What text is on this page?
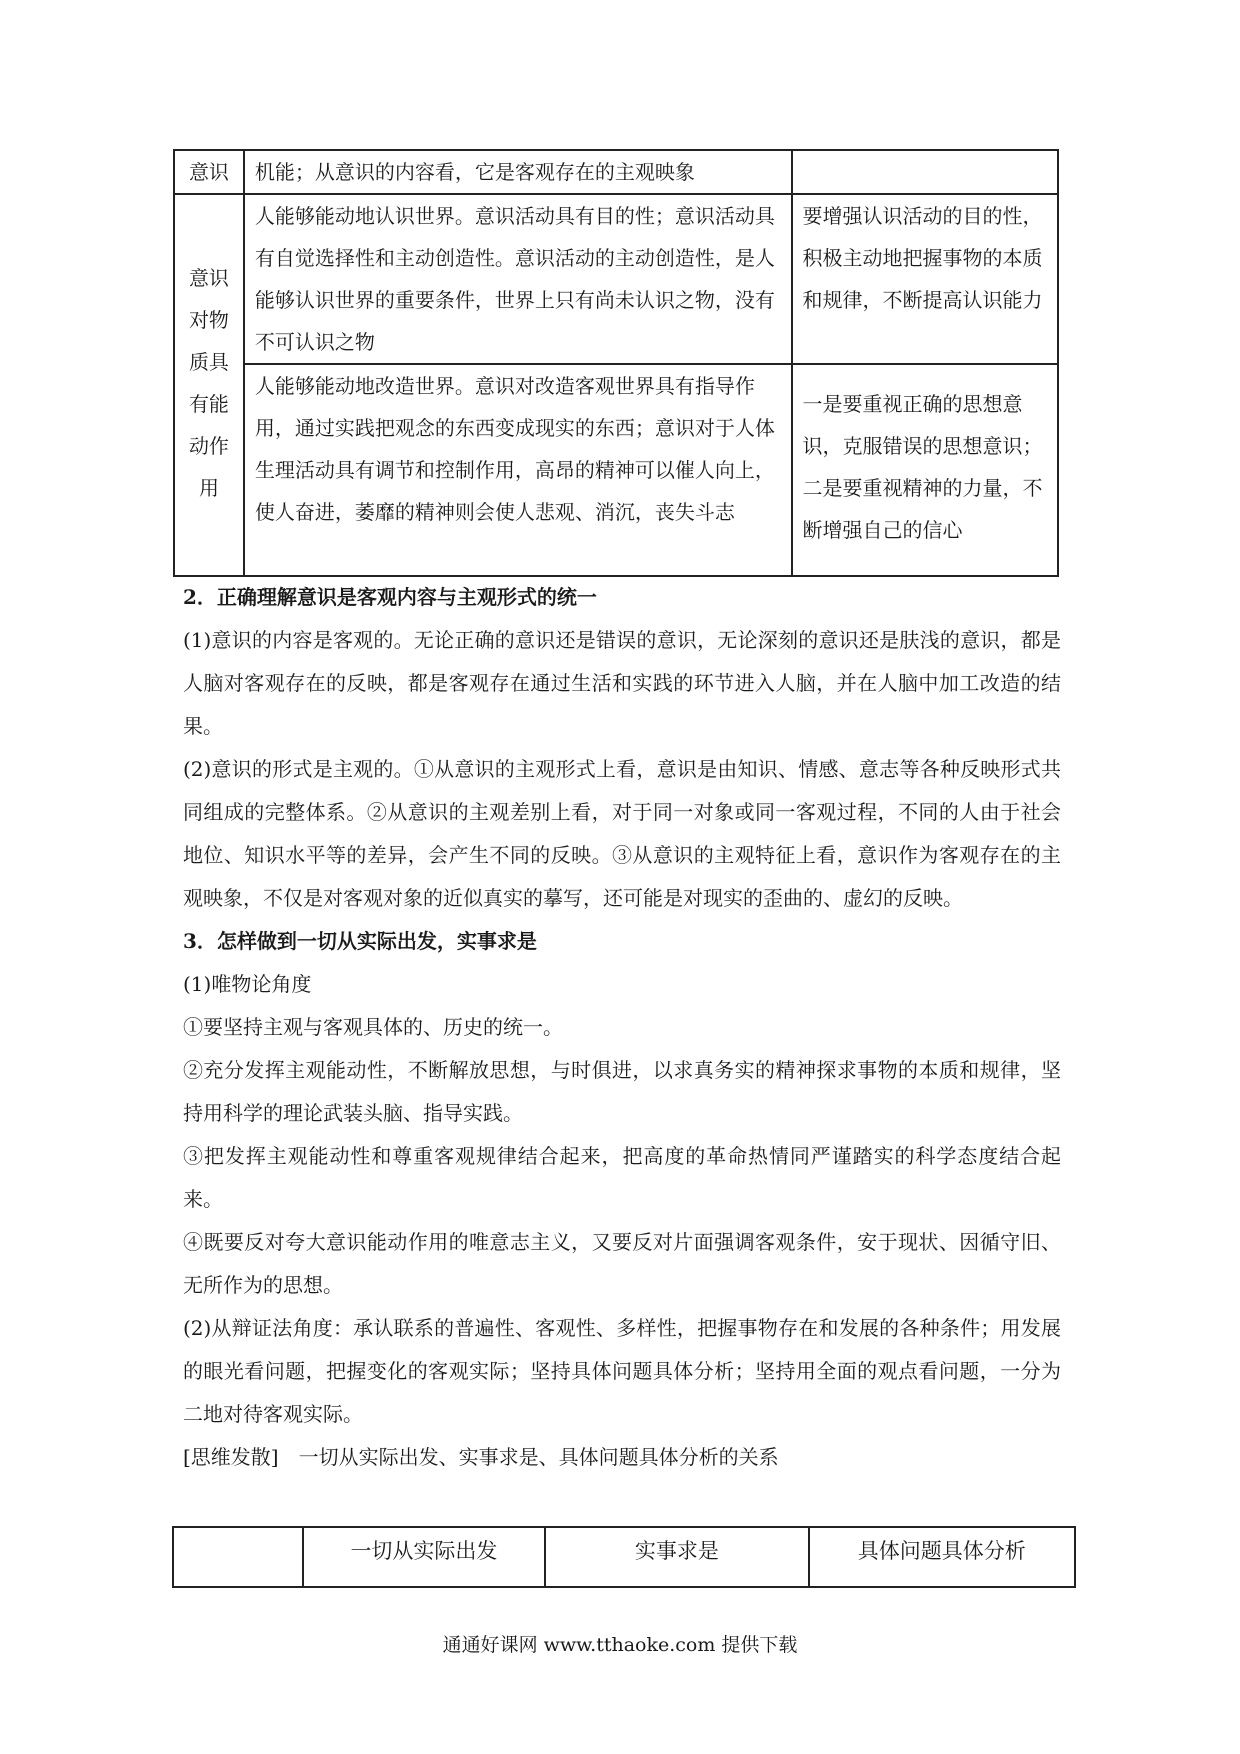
意识	机能；从意识的内容看，它是客观存在的主观映象	
意识对物质具有能动作用	人能够能动地认识世界。意识活动具有目的性；意识活动具有自觉选择性和主动创造性。意识活动的主动创造性，是人能够认识世界的重要条件，世界上只有尚未认识之物，没有不可认识之物	要增强认识活动的目的性，积极主动地把握事物的本质和规律，不断提高认识能力
	人能够能动地改造世界。意识对改造客观世界具有指导作用，通过实践把观念的东西变成现实的东西；意识对于人体生理活动具有调节和控制作用，高昂的精神可以催人向上，使人奋进，萎靡的精神则会使人悲观、消沉，丧失斗志	一是要重视正确的思想意识，克服错误的思想意识；二是要重视精神的力量，不断增强自己的信心

2．正确理解意识是客观内容与主观形式的统一

(1)意识的内容是客观的。无论正确的意识还是错误的意识，无论深刻的意识还是肤浅的意识，都是人脑对客观存在的反映，都是客观存在通过生活和实践的环节进入人脑，并在人脑中加工改造的结果。

(2)意识的形式是主观的。①从意识的主观形式上看，意识是由知识、情感、意志等各种反映形式共同组成的完整体系。②从意识的主观差别上看，对于同一对象或同一客观过程，不同的人由于社会地位、知识水平等的差异，会产生不同的反映。③从意识的主观特征上看，意识作为客观存在的主观映象，不仅是对客观对象的近似真实的摹写，还可能是对现实的歪曲的、虚幻的反映。

3．怎样做到一切从实际出发，实事求是

(1)唯物论角度

①要坚持主观与客观具体的、历史的统一。

②充分发挥主观能动性，不断解放思想，与时俱进，以求真务实的精神探求事物的本质和规律，坚持用科学的理论武装头脑、指导实践。

③把发挥主观能动性和尊重客观规律结合起来，把高度的革命热情同严谨踏实的科学态度结合起来。

④既要反对夸大意识能动作用的唯意志主义，又要反对片面强调客观条件，安于现状、因循守旧、无所作为的思想。

(2)从辩证法角度：承认联系的普遍性、客观性、多样性，把握事物存在和发展的各种条件；用发展的眼光看问题，把握变化的客观实际；坚持具体问题具体分析；坚持用全面的观点看问题，一分为二地对待客观实际。

[思维发散]　一切从实际出发、实事求是、具体问题具体分析的关系

	一切从实际出发	实事求是	具体问题具体分析
通通好课网 www.tthaoke.com 提供下载
